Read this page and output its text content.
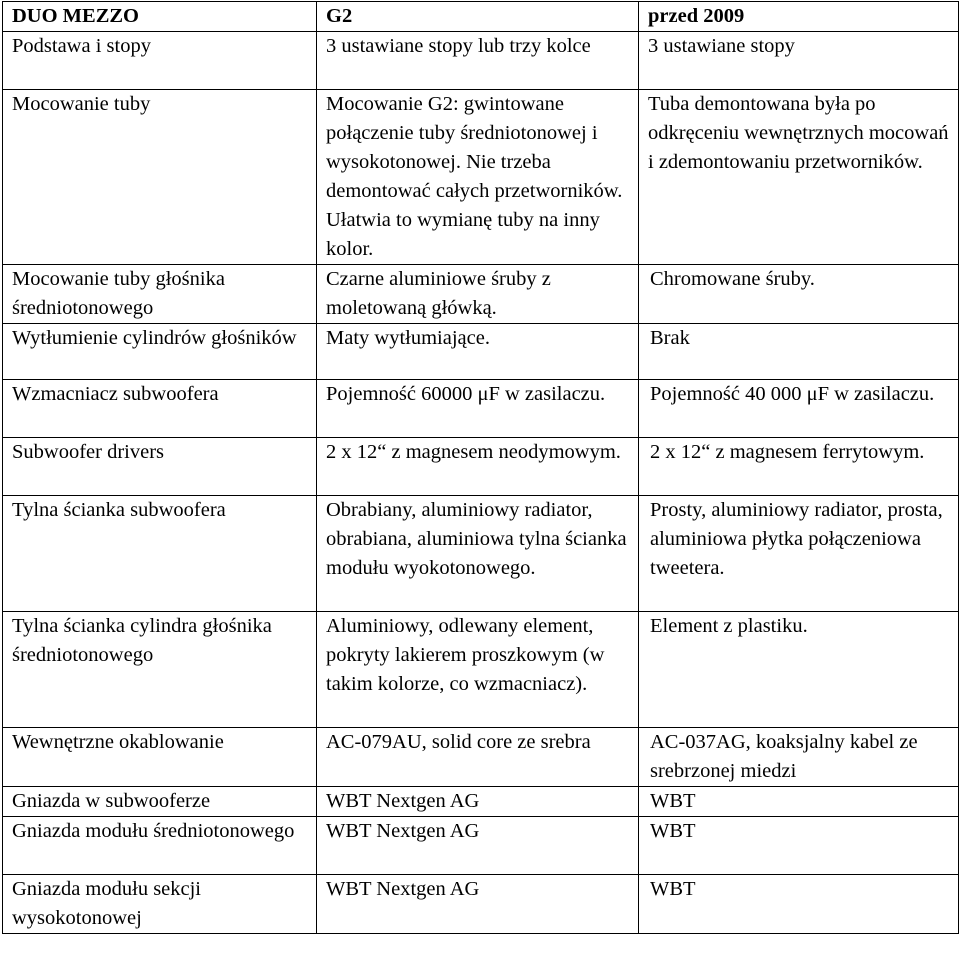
DUO MEZZO	G2	przed 2009
Podstawa i stopy	3 ustawiane stopy lub trzy kolce	3 ustawiane stopy
Mocowanie tuby	Mocowanie G2: gwintowane połączenie tuby średniotonowej i wysokotonowej. Nie trzeba demontować całych przetworników. Ułatwia to wymianę tuby na inny kolor.	Tuba demontowana była po odkręceniu wewnętrznych mocowań i zdemontowaniu przetworników.
Mocowanie tuby głośnika średniotonowego	Czarne aluminiowe śruby z moletowaną główką.	Chromowane śruby.
Wytłumienie cylindrów głośników	Maty wytłumiające.	Brak
Wzmacniacz subwoofera	Pojemność 60000 μF w zasilaczu.	Pojemność 40 000 μF w zasilaczu.
Subwoofer drivers	2 x 12“ z magnesem neodymowym.	2 x 12“ z magnesem ferrytowym.
Tylna ścianka subwoofera	Obrabiany, aluminiowy radiator, obrabiana, aluminiowa tylna ścianka modułu wyokotonowego.	Prosty, aluminiowy radiator, prosta, aluminiowa płytka połączeniowa tweetera.
Tylna ścianka cylindra głośnika średniotonowego	Aluminiowy, odlewany element, pokryty lakierem proszkowym (w takim kolorze, co wzmacniacz).	Element z plastiku.
Wewnętrzne okablowanie	AC-079AU, solid core ze srebra	AC-037AG, koaksjalny kabel ze srebrzonej miedzi
Gniazda w subwooferze	WBT Nextgen AG	WBT
Gniazda modułu średniotonowego	WBT Nextgen AG	WBT
Gniazda modułu sekcji wysokotonowej	WBT Nextgen AG	WBT
